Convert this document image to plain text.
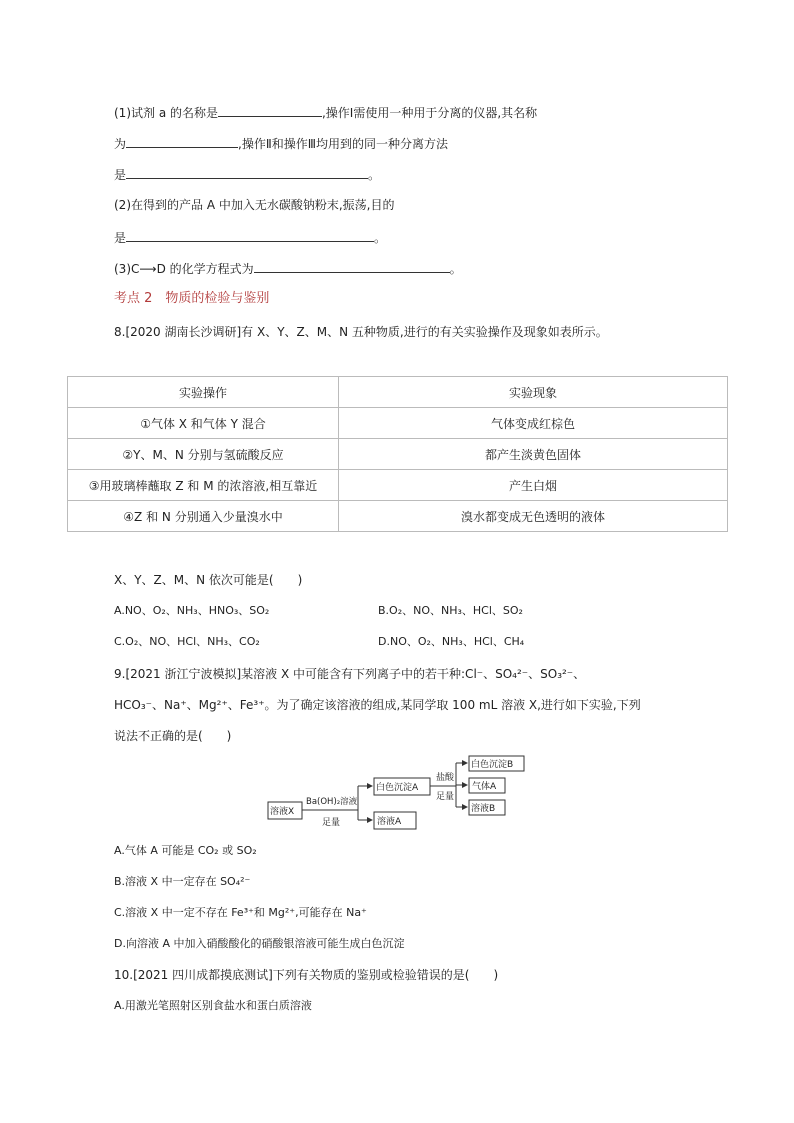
(1)试剂 a 的名称是	,操作Ⅰ需使用一种用于分离的仪器,其名称
为	,操作Ⅱ和操作Ⅲ均用到的同一种分离方法
是	。
(2)在得到的产品 A 中加入无水碳酸钠粉末,振荡,目的
是	。
(3)C⟶D 的化学方程式为	。
考点 2　物质的检验与鉴别
8.[2020 湖南长沙调研]有 X、Y、Z、M、N 五种物质,进行的有关实验操作及现象如表所示。
实验操作	实验现象
①气体 X 和气体 Y 混合	气体变成红棕色
②Y、M、N 分别与氢硫酸反应	都产生淡黄色固体
③用玻璃棒蘸取 Z 和 M 的浓溶液,相互靠近	产生白烟
④Z 和 N 分别通入少量溴水中	溴水都变成无色透明的液体
X、Y、Z、M、N 依次可能是(　　)
A.NO、O₂、NH₃、HNO₃、SO₂	B.O₂、NO、NH₃、HCl、SO₂
C.O₂、NO、HCl、NH₃、CO₂	D.NO、O₂、NH₃、HCl、CH₄
9.[2021 浙江宁波模拟]某溶液 X 中可能含有下列离子中的若干种:Cl⁻、SO₄²⁻、SO₃²⁻、
HCO₃⁻、Na⁺、Mg²⁺、Fe³⁺。为了确定该溶液的组成,某同学取 100 mL 溶液 X,进行如下实验,下列
说法不正确的是(　　)
溶液X
Ba(OH)₂溶液
足量
白色沉淀A
溶液A
盐酸
足量
白色沉淀B
气体A
溶液B
A.气体 A 可能是 CO₂ 或 SO₂
B.溶液 X 中一定存在 SO₄²⁻
C.溶液 X 中一定不存在 Fe³⁺和 Mg²⁺,可能存在 Na⁺
D.向溶液 A 中加入硝酸酸化的硝酸银溶液可能生成白色沉淀
10.[2021 四川成都摸底测试]下列有关物质的鉴别或检验错误的是(　　)
A.用激光笔照射区别食盐水和蛋白质溶液
